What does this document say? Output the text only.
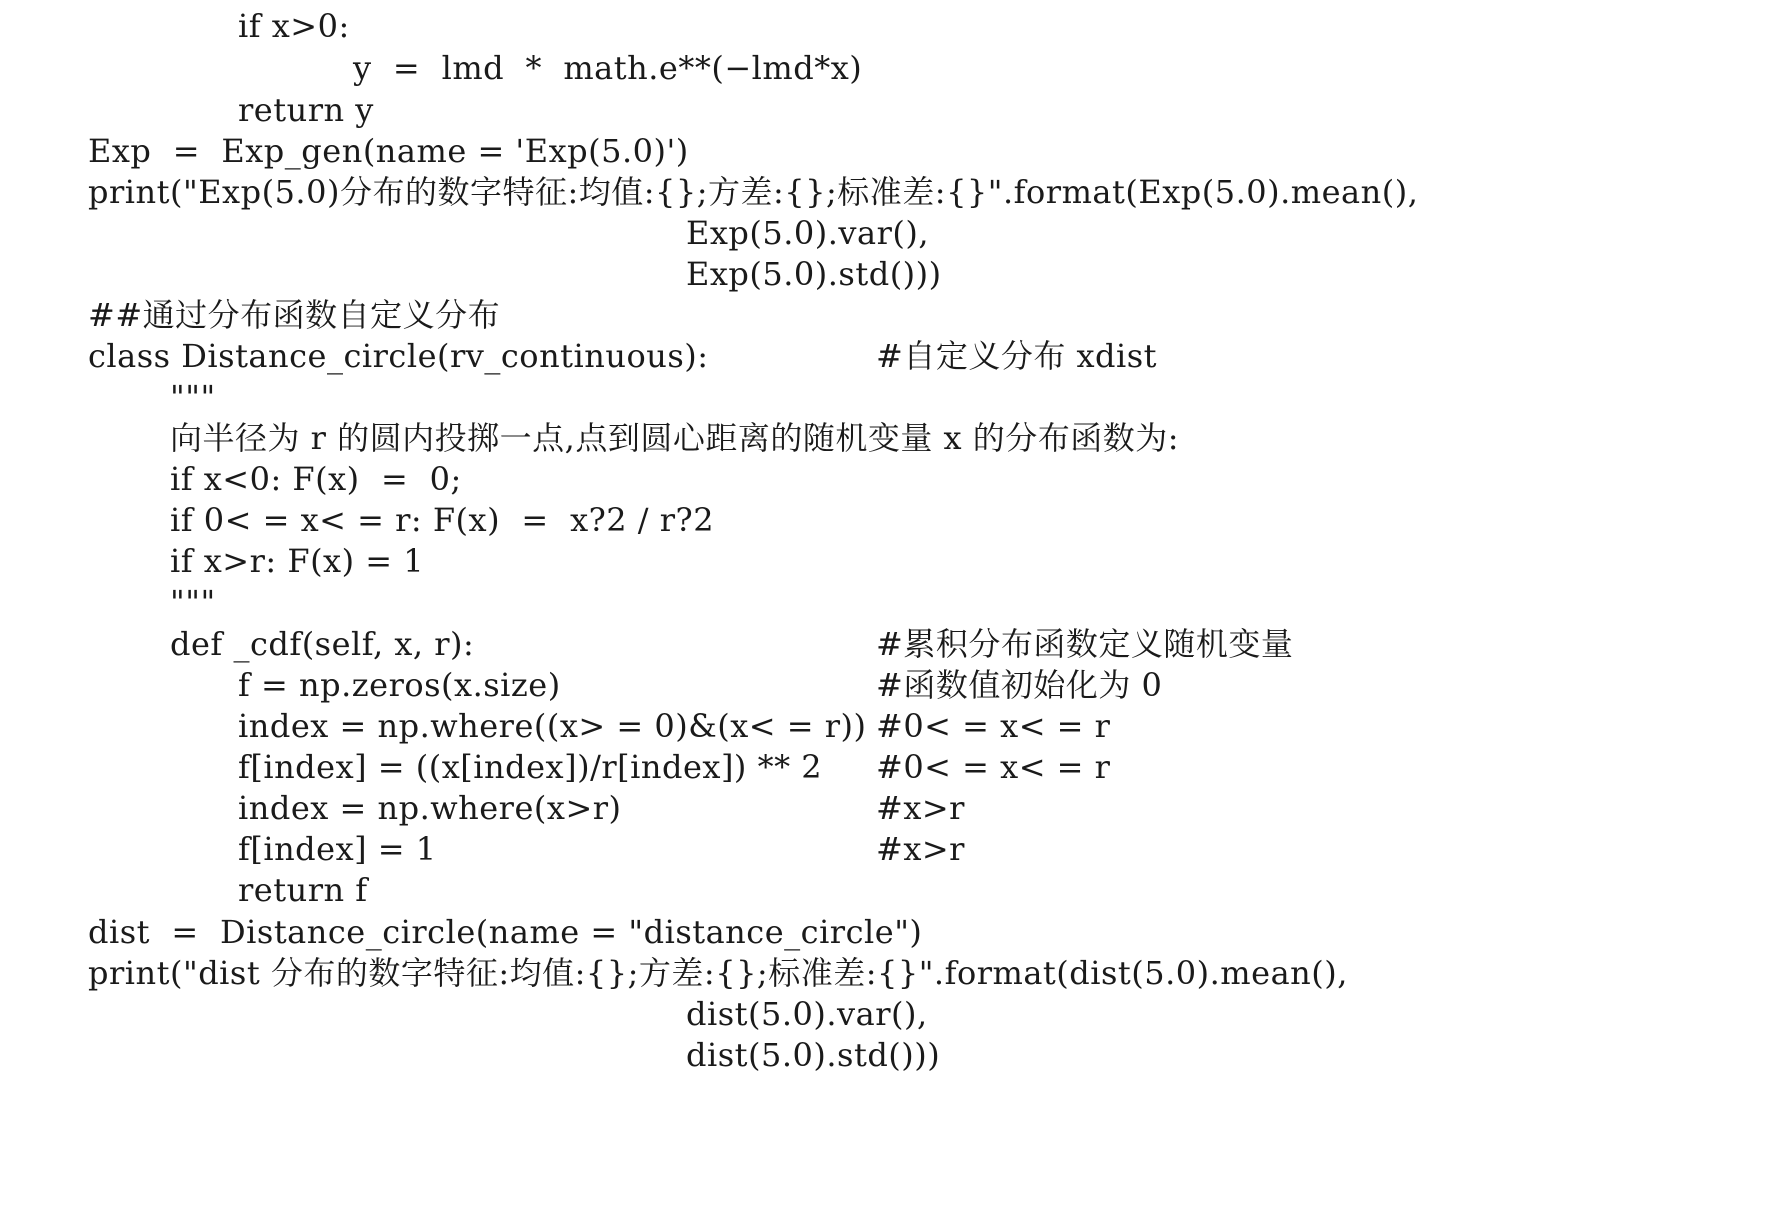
if x>0:
y  =  lmd  *  math.e**(−lmd*x)
return y
Exp  =  Exp_gen(name = 'Exp(5.0)')
print("Exp(5.0)分布的数字特征:均值:{};方差:{};标准差:{}".format(Exp(5.0).mean(),
Exp(5.0).var(),
Exp(5.0).std()))
##通过分布函数自定义分布
class Distance_circle(rv_continuous):
"""
向半径为 r 的圆内投掷一点,点到圆心距离的随机变量 x 的分布函数为:
if x<0: F(x)  =  0;
if 0< = x< = r: F(x)  =  x?2 / r?2
if x>r: F(x) = 1
"""
def _cdf(self, x, r):
f = np.zeros(x.size)
index = np.where((x> = 0)&(x< = r))
f[index] = ((x[index])/r[index]) ** 2
index = np.where(x>r)
f[index] = 1
return f
dist  =  Distance_circle(name = "distance_circle")
print("dist 分布的数字特征:均值:{};方差:{};标准差:{}".format(dist(5.0).mean(),
dist(5.0).var(),
dist(5.0).std()))
#自定义分布 xdist
#累积分布函数定义随机变量
#函数值初始化为 0
#0< = x< = r
#0< = x< = r
#x>r
#x>r
